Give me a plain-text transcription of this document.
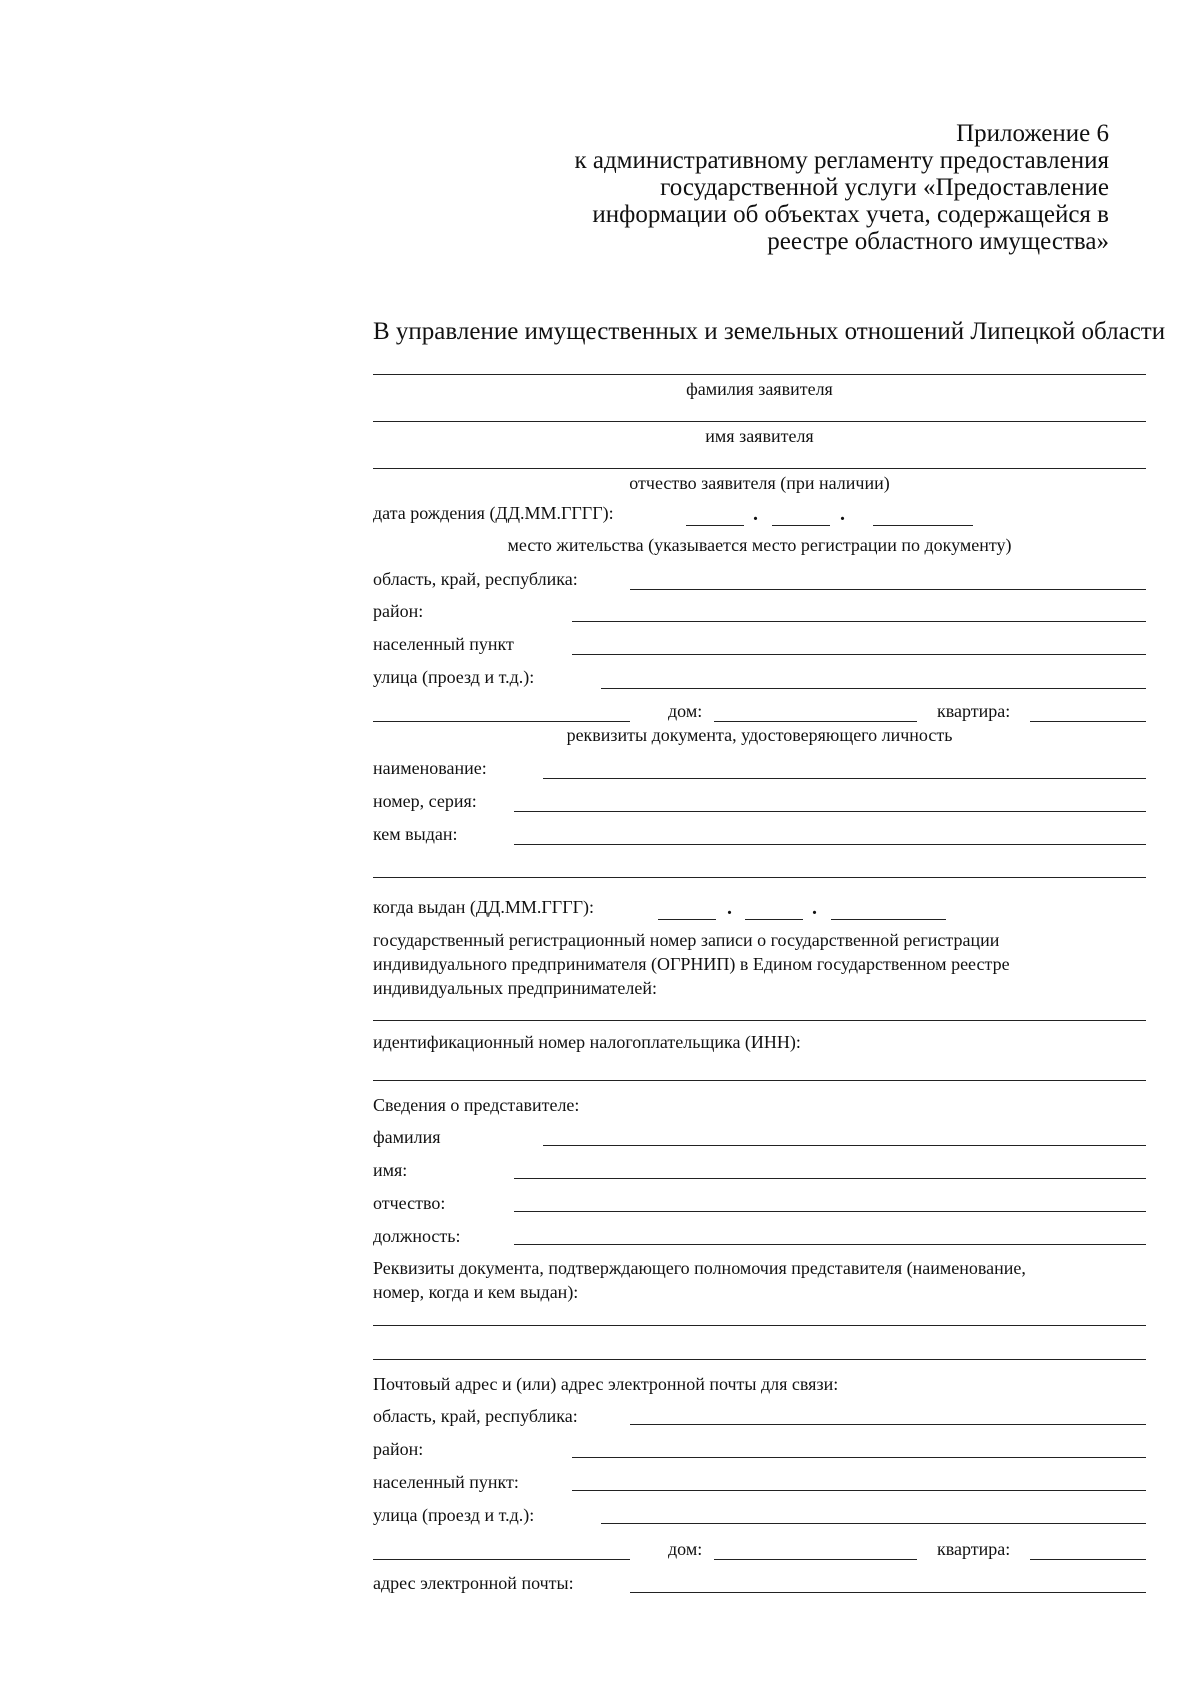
Приложение 6
к административному регламенту предоставления
государственной услуги «Предоставление
информации об объектах учета, содержащейся в
реестре областного имущества»
В управление имущественных и земельных отношений Липецкой области
фамилия заявителя
имя заявителя
отчество заявителя (при наличии)
дата рождения (ДД.ММ.ГГГГ):	.	.
место жительства (указывается место регистрации по документу)
область, край, республика:
район:
населенный пункт
улица (проезд и т.д.):
дом:	квартира:
реквизиты документа, удостоверяющего личность
наименование:
номер, серия:
кем выдан:
когда выдан (ДД.ММ.ГГГГ):	.	.
государственный регистрационный номер записи о государственной регистрации
индивидуального предпринимателя (ОГРНИП) в Едином государственном реестре
индивидуальных предпринимателей:
идентификационный номер налогоплательщика (ИНН):
Сведения о представителе:
фамилия
имя:
отчество:
должность:
Реквизиты документа, подтверждающего полномочия представителя (наименование,
номер, когда и кем выдан):
Почтовый адрес и (или) адрес электронной почты для связи:
область, край, республика:
район:
населенный пункт:
улица (проезд и т.д.):
дом:	квартира:
адрес электронной почты:
